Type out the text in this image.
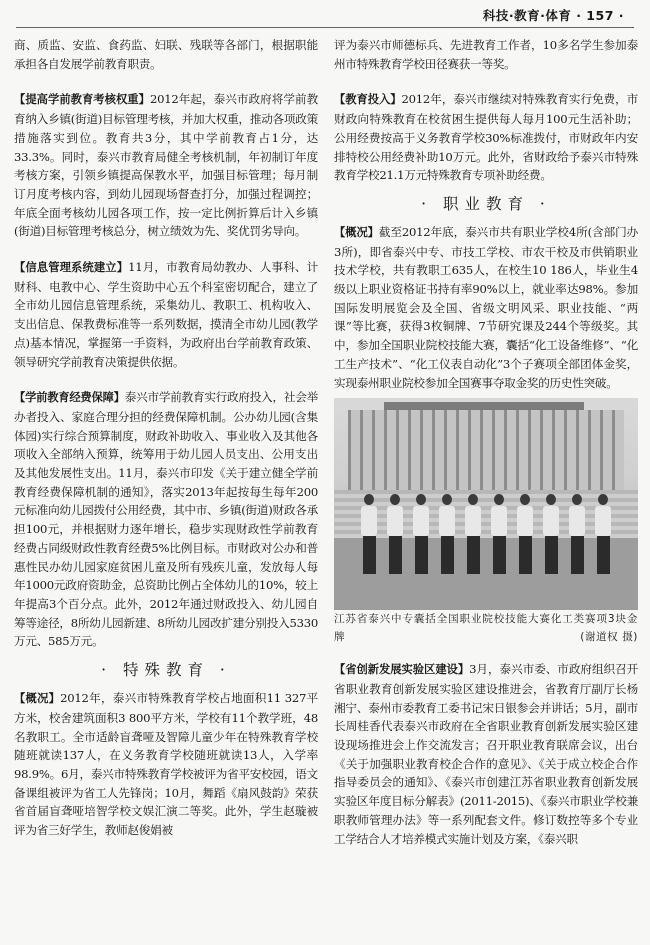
科技·教育·体育 · 157 ·

商、质监、安监、食药监、妇联、残联等各部门，根据职能承担各自发展学前教育职责。

【提高学前教育考核权重】2012年起，泰兴市政府将学前教育纳入乡镇(街道)目标管理考核，并加大权重，推动各项政策措施落实到位。教育共3分，其中学前教育占1分，达33.3%。同时，泰兴市教育局健全考核机制，年初制订年度考核方案，引领乡镇提高保教水平，加强目标管理；每月制订月度考核内容，到幼儿园现场督查打分，加强过程调控；年底全面考核幼儿园各项工作，按一定比例折算后计入乡镇(街道)目标管理考核总分，树立绩效为先、奖优罚劣导向。

【信息管理系统建立】11月，市教育局幼教办、人事科、计财科、电教中心、学生资助中心五个科室密切配合，建立了全市幼儿园信息管理系统，采集幼儿、教职工、机构收入、支出信息、保教费标准等一系列数据，摸清全市幼儿园(教学点)基本情况，掌握第一手资料，为政府出台学前教育政策、领导研究学前教育决策提供依据。

【学前教育经费保障】泰兴市学前教育实行政府投入，社会举办者投入、家庭合理分担的经费保障机制。公办幼儿园(含集体园)实行综合预算制度，财政补助收入、事业收入及其他各项收入全部纳入预算，统筹用于幼儿园人员支出、公用支出及其他发展性支出。11月，泰兴市印发《关于建立健全学前教育经费保障机制的通知》，落实2013年起按每生每年200元标准向幼儿园拨付公用经费，其中市、乡镇(街道)财政各承担100元，并根据财力逐年增长，稳步实现财政性学前教育经费占同级财政性教育经费5%比例目标。市财政对公办和普惠性民办幼儿园家庭贫困儿童及所有残疾儿童，发放每人每年1000元政府资助金，总资助比例占全体幼儿的10%，较上年提高3个百分点。此外，2012年通过财政投入、幼儿园自筹等途径，8所幼儿园新建、8所幼儿园改扩建分别投入5330万元、585万元。

· 特殊教育 ·

【概况】2012年，泰兴市特殊教育学校占地面积11 327平方米，校舍建筑面积3 800平方米，学校有11个教学班，48名教职工。全市适龄盲聋哑及智障儿童少年在特殊教育学校随班就读137人，在义务教育学校随班就读13人，入学率98.9%。6月，泰兴市特殊教育学校被评为省平安校园，语文备课组被评为省工人先锋岗；10月，舞蹈《扇风鼓韵》荣获省首届盲聋哑培智学校文娱汇演二等奖。此外，学生赵璇被评为省三好学生，教师赵俊娟被

评为泰兴市师德标兵、先进教育工作者，10多名学生参加泰州市特殊教育学校田径赛获一等奖。

【教育投入】2012年，泰兴市继续对特殊教育实行免费，市财政向特殊教育在校贫困生提供每人每月100元生活补助；公用经费按高于义务教育学校30%标准拨付，市财政年内安排特校公用经费补助10万元。此外，省财政给予泰兴市特殊教育学校21.1万元特殊教育专项补助经费。

· 职业教育 ·

【概况】截至2012年底，泰兴市共有职业学校4所(含部门办3所)，即省泰兴中专、市技工学校、市农干校及市供销职业技术学校，共有教职工635人，在校生10 186人，毕业生4级以上职业资格证书持有率90%以上，就业率达98%。参加国际发明展览会及全国、省级文明风采、职业技能、“两课”等比赛，获得3枚铜牌、7节研究课及244个等级奖。其中，参加全国职业院校技能大赛，囊括“化工设备维修”、“化工生产技术”、“化工仪表自动化”3个子赛项全部团体金奖，实现泰州职业院校参加全国赛事夺取金奖的历史性突破。

江苏省泰兴中专囊括全国职业院校技能大赛化工类赛项3块金牌	(谢道权 摄)

【省创新发展实验区建设】3月，泰兴市委、市政府组织召开省职业教育创新发展实验区建设推进会，省教育厅副厅长杨湘宁、泰州市委教育工委书记宋日银参会并讲话；5月，副市长周桂香代表泰兴市政府在全省职业教育创新发展实验区建设现场推进会上作交流发言；召开职业教育联席会议，出台《关于加强职业教育校企合作的意见》、《关于成立校企合作指导委员会的通知》、《泰兴市创建江苏省职业教育创新发展实验区年度目标分解表》(2011-2015)、《泰兴市职业学校兼职教师管理办法》等一系列配套文件。修订数控等多个专业工学结合人才培养模式实施计划及方案，《泰兴职
